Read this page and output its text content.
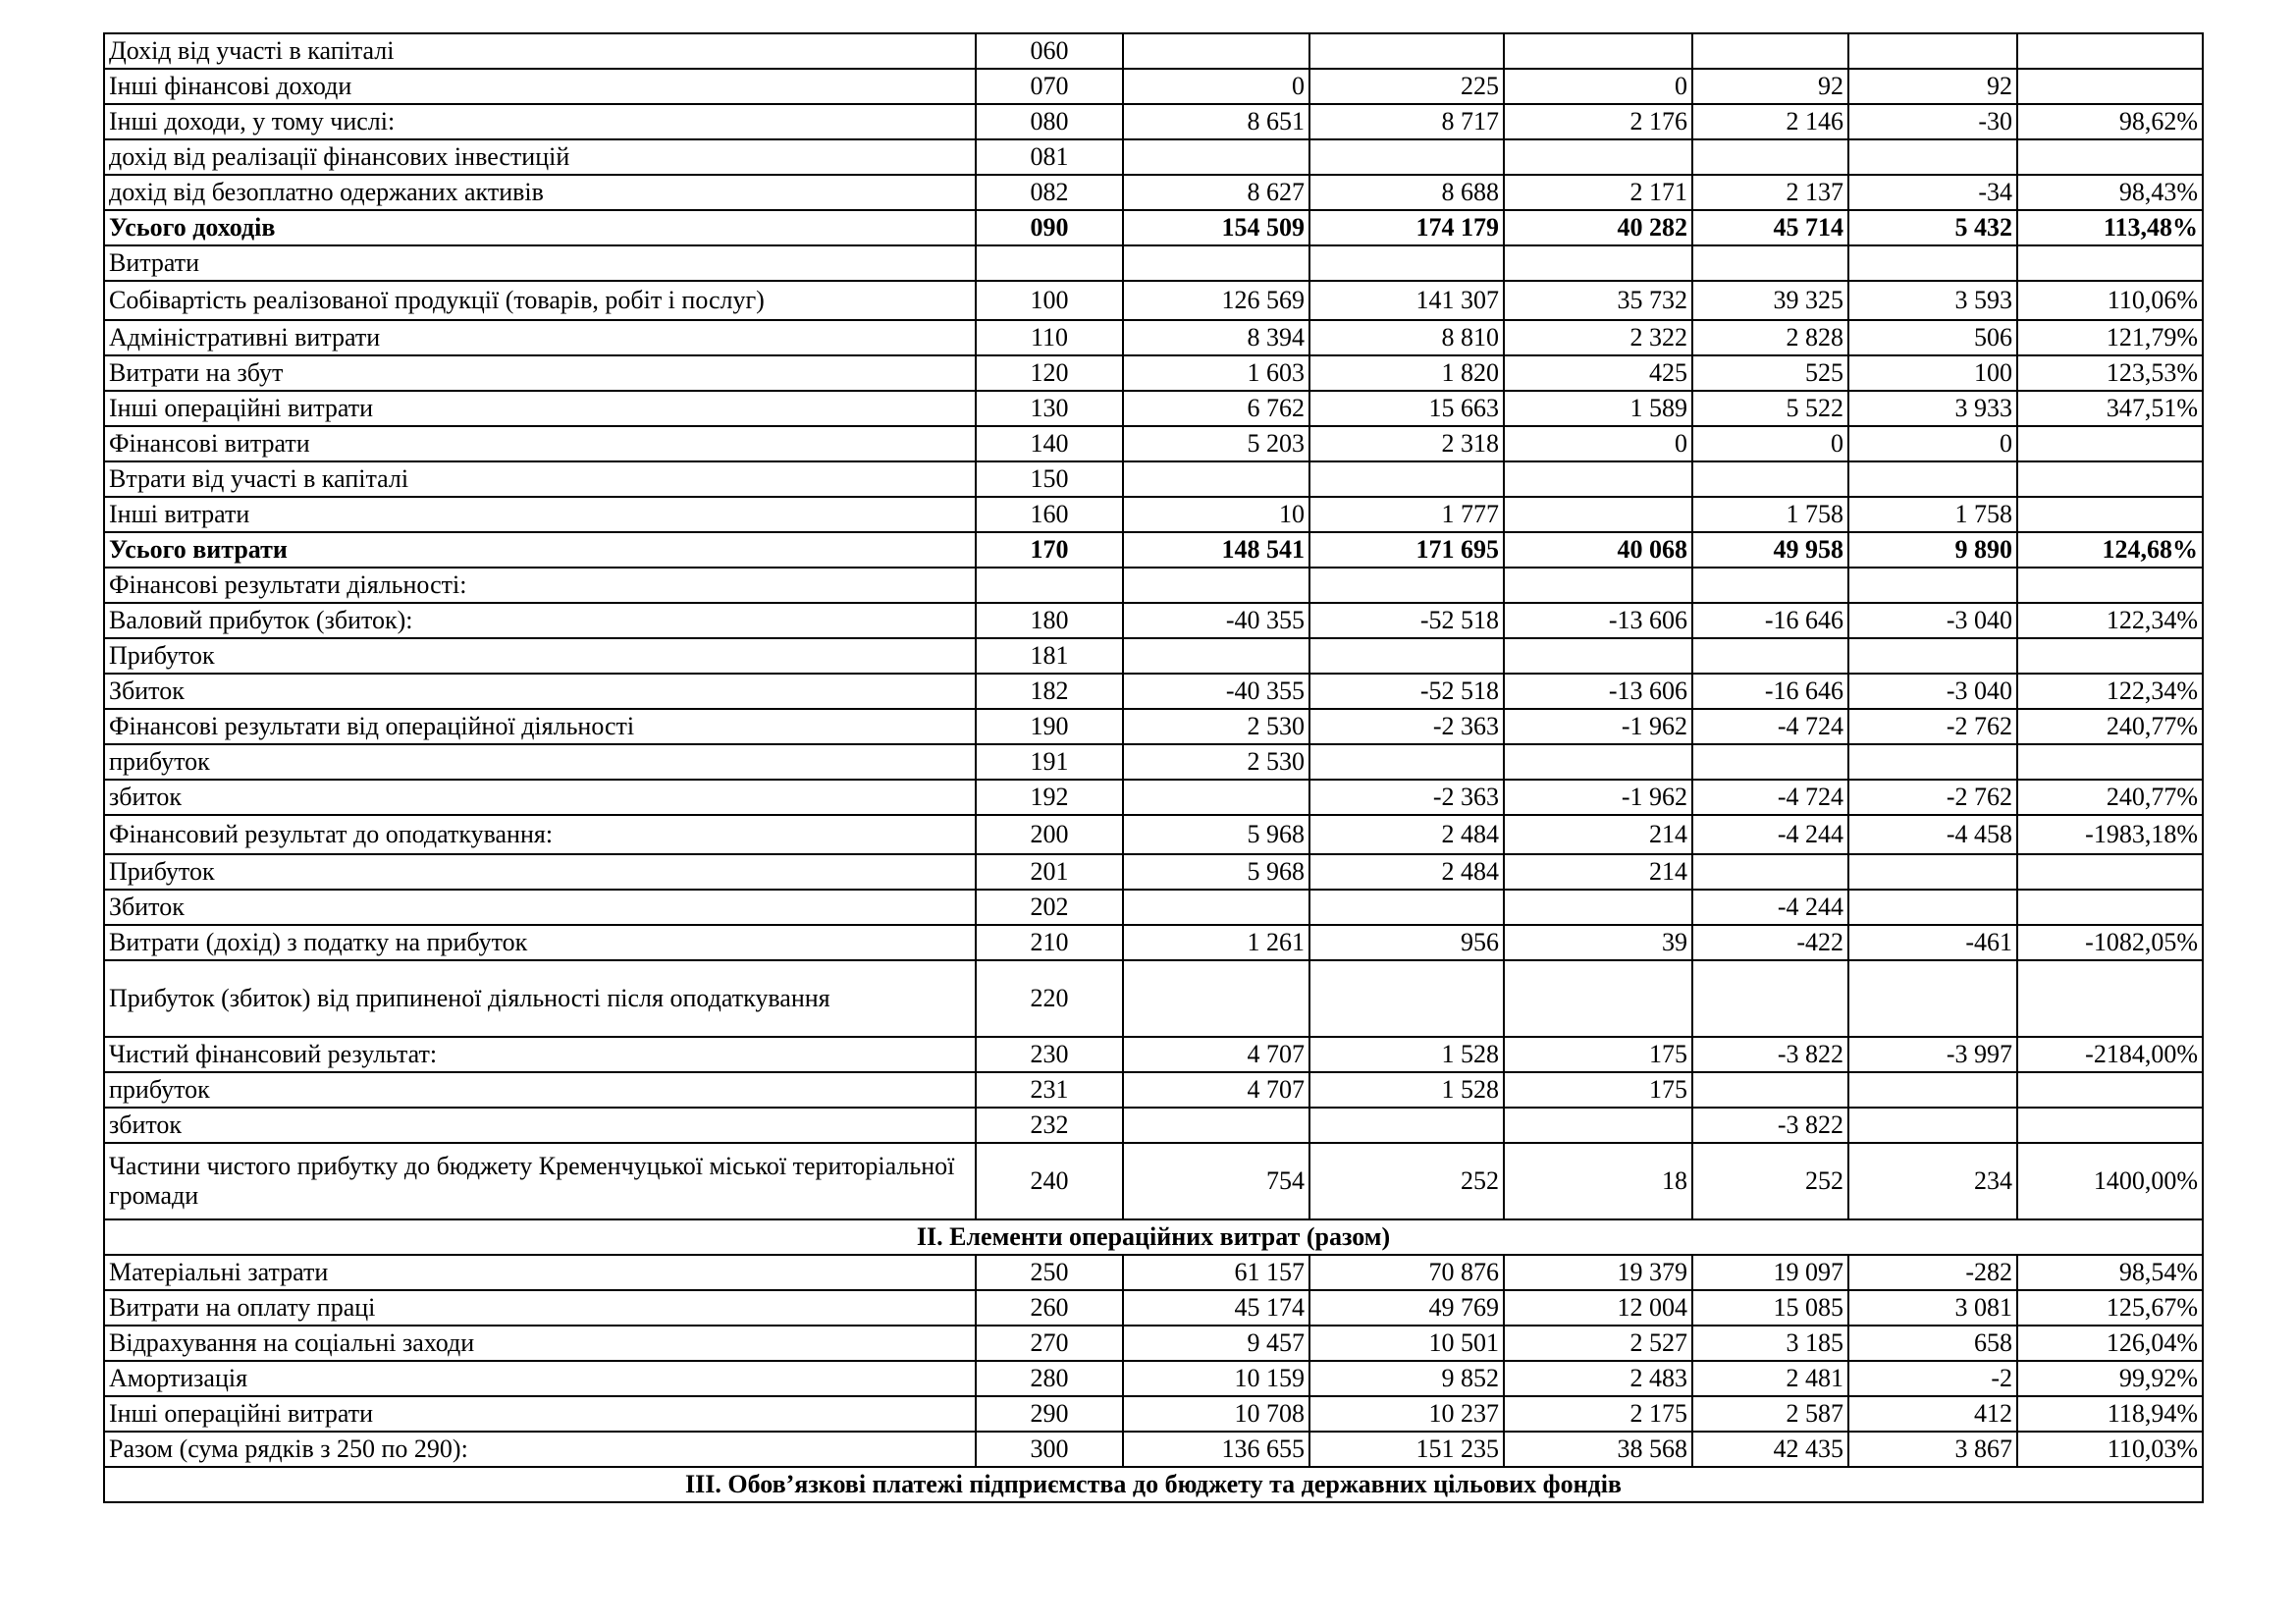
Дохід від участі в капіталі	060						
Інші фінансові доходи	070	0	225	0	92	92	
Інші доходи, у тому числі:	080	8 651	8 717	2 176	2 146	-30	98,62%
дохід від реалізації фінансових інвестицій	081						
дохід від безоплатно одержаних активів	082	8 627	8 688	2 171	2 137	-34	98,43%
Усього доходів	090	154 509	174 179	40 282	45 714	5 432	113,48%
Витрати							
Собівартість реалізованої продукції (товарів, робіт і послуг)	100	126 569	141 307	35 732	39 325	3 593	110,06%
Адміністративні витрати	110	8 394	8 810	2 322	2 828	506	121,79%
Витрати на збут	120	1 603	1 820	425	525	100	123,53%
Інші операційні витрати	130	6 762	15 663	1 589	5 522	3 933	347,51%
Фінансові витрати	140	5 203	2 318	0	0	0	
Втрати від участі в капіталі	150						
Інші витрати	160	10	1 777		1 758	1 758	
Усього витрати	170	148 541	171 695	40 068	49 958	9 890	124,68%
Фінансові результати діяльності:							
Валовий прибуток (збиток):	180	-40 355	-52 518	-13 606	-16 646	-3 040	122,34%
Прибуток	181						
Збиток	182	-40 355	-52 518	-13 606	-16 646	-3 040	122,34%
Фінансові результати від операційної діяльності	190	2 530	-2 363	-1 962	-4 724	-2 762	240,77%
прибуток	191	2 530					
збиток	192		-2 363	-1 962	-4 724	-2 762	240,77%
Фінансовий результат до оподаткування:	200	5 968	2 484	214	-4 244	-4 458	-1983,18%
Прибуток	201	5 968	2 484	214			
Збиток	202				-4 244		
Витрати (дохід) з податку на прибуток	210	1 261	956	39	-422	-461	-1082,05%
Прибуток (збиток) від припиненої діяльності після оподаткування	220						
Чистий фінансовий результат:	230	4 707	1 528	175	-3 822	-3 997	-2184,00%
прибуток	231	4 707	1 528	175			
збиток	232				-3 822		
Частини чистого прибутку до бюджету Кременчуцької міської територіальної громади	240	754	252	18	252	234	1400,00%
II. Елементи операційних витрат (разом)							
Матеріальні затрати	250	61 157	70 876	19 379	19 097	-282	98,54%
Витрати на оплату праці	260	45 174	49 769	12 004	15 085	3 081	125,67%
Відрахування на соціальні заходи	270	9 457	10 501	2 527	3 185	658	126,04%
Амортизація	280	10 159	9 852	2 483	2 481	-2	99,92%
Інші операційні витрати	290	10 708	10 237	2 175	2 587	412	118,94%
Разом (сума рядків з 250 по 290):	300	136 655	151 235	38 568	42 435	3 867	110,03%
III. Обов’язкові платежі підприємства до бюджету та державних цільових фондів							
